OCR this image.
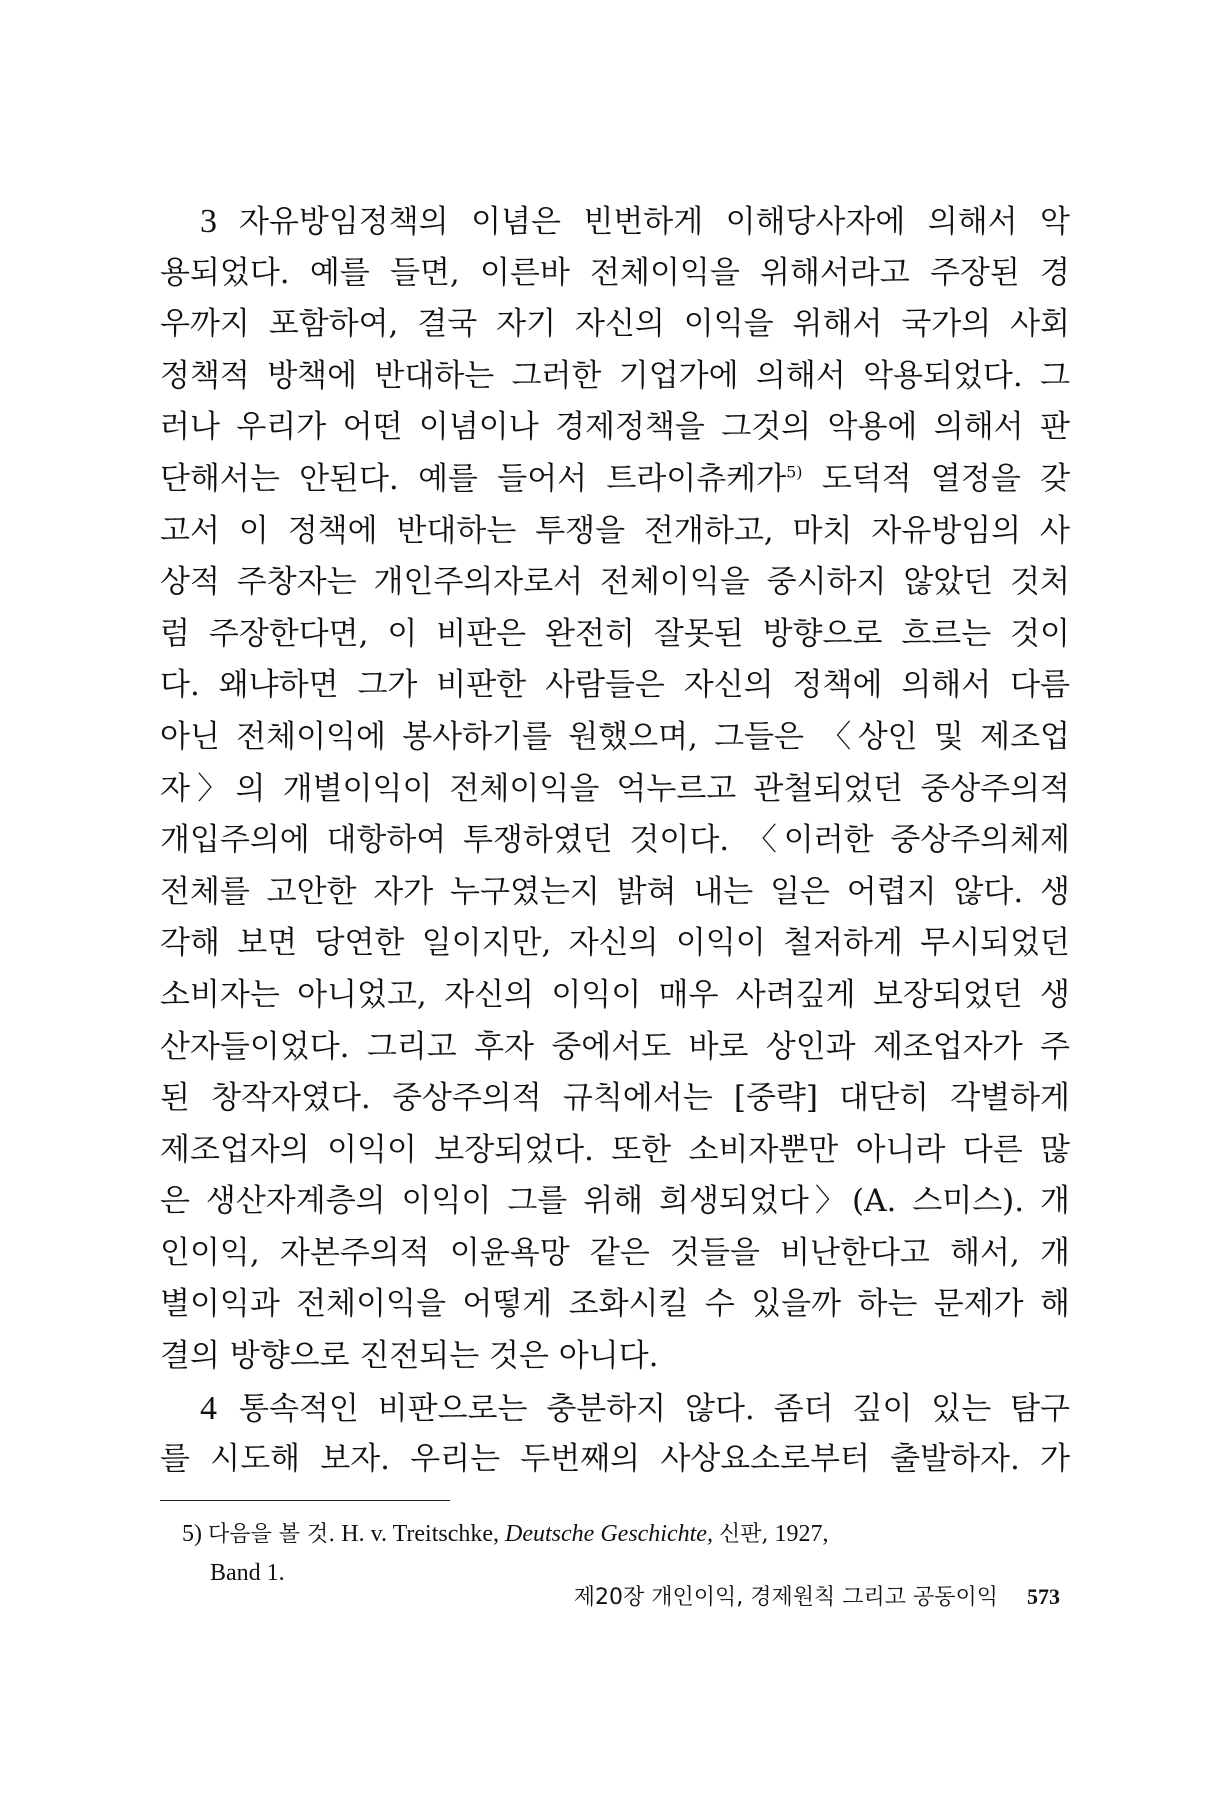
3 자유방임정책의 이념은 빈번하게 이해당사자에 의해서 악
용되었다. 예를 들면, 이른바 전체이익을 위해서라고 주장된 경
우까지 포함하여, 결국 자기 자신의 이익을 위해서 국가의 사회
정책적 방책에 반대하는 그러한 기업가에 의해서 악용되었다. 그
러나 우리가 어떤 이념이나 경제정책을 그것의 악용에 의해서 판
단해서는 안된다. 예를 들어서 트라이츄케가$^{5)}$ 도덕적 열정을 갖
고서 이 정책에 반대하는 투쟁을 전개하고, 마치 자유방임의 사
상적 주창자는 개인주의자로서 전체이익을 중시하지 않았던 것처
럼 주장한다면, 이 비판은 완전히 잘못된 방향으로 흐르는 것이
다. 왜냐하면 그가 비판한 사람들은 자신의 정책에 의해서 다름
아닌 전체이익에 봉사하기를 원했으며, 그들은 〈상인 및 제조업
자〉의 개별이익이 전체이익을 억누르고 관철되었던 중상주의적
개입주의에 대항하여 투쟁하였던 것이다. 〈이러한 중상주의체제
전체를 고안한 자가 누구였는지 밝혀 내는 일은 어렵지 않다. 생
각해 보면 당연한 일이지만, 자신의 이익이 철저하게 무시되었던
소비자는 아니었고, 자신의 이익이 매우 사려깊게 보장되었던 생
산자들이었다. 그리고 후자 중에서도 바로 상인과 제조업자가 주
된 창작자였다. 중상주의적 규칙에서는 [중략] 대단히 각별하게
제조업자의 이익이 보장되었다. 또한 소비자뿐만 아니라 다른 많
은 생산자계층의 이익이 그를 위해 희생되었다〉(A. 스미스). 개
인이익, 자본주의적 이윤욕망 같은 것들을 비난한다고 해서, 개
별이익과 전체이익을 어떻게 조화시킬 수 있을까 하는 문제가 해
결의 방향으로 진전되는 것은 아니다.
4 통속적인 비판으로는 충분하지 않다. 좀더 깊이 있는 탐구
를 시도해 보자. 우리는 두번째의 사상요소로부터 출발하자. 가
5) 다음을 볼 것. H. v. Treitschke, Deutsche Geschichte, 신판, 1927,
Band 1.
제20장 개인이익, 경제원칙 그리고 공동이익 573
